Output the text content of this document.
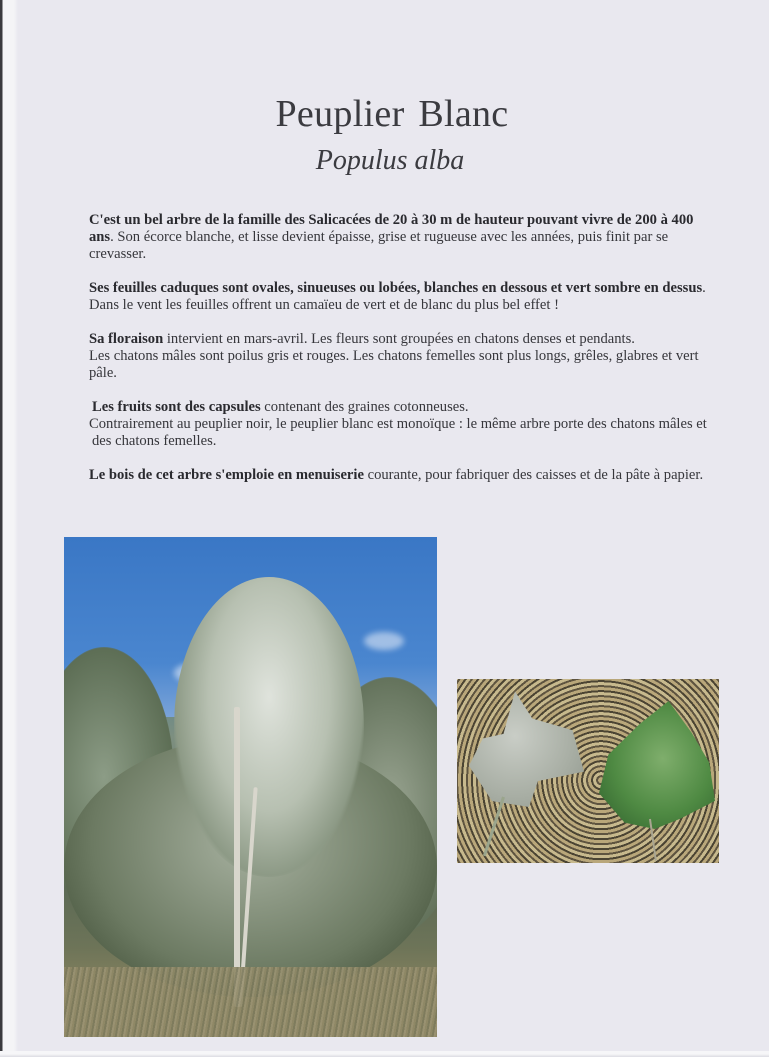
Peuplier Blanc
Populus alba

C'est un bel arbre de la famille des Salicacées de 20 à 30 m de hauteur pouvant vivre de 200 à 400 ans. Son écorce blanche, et lisse devient épaisse, grise et rugueuse avec les années, puis finit par se crevasser.

Ses feuilles caduques sont ovales, sinueuses ou lobées, blanches en dessous et vert sombre en dessus.
Dans le vent les feuilles offrent un camaïeu de vert et de blanc du plus bel effet !

Sa floraison intervient en mars-avril. Les fleurs sont groupées en chatons denses et pendants.
Les chatons mâles sont poilus gris et rouges. Les chatons femelles sont plus longs, grêles, glabres et vert pâle.

Les fruits sont des capsules contenant des graines cotonneuses.
Contrairement au peuplier noir, le peuplier blanc est monoïque : le même arbre porte des chatons mâles et des chatons femelles.

Le bois de cet arbre s'emploie en menuiserie courante, pour fabriquer des caisses et de la pâte à papier.
